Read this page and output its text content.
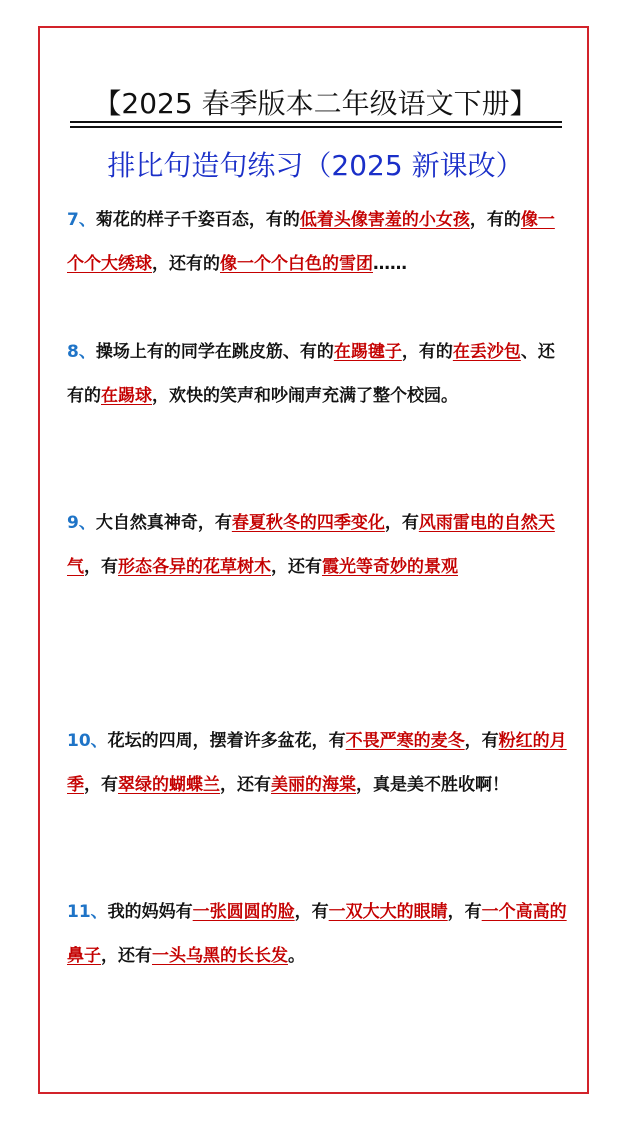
【2025 春季版本二年级语文下册】
排比句造句练习（2025 新课改）
7、菊花的样子千姿百态，有的低着头像害羞的小女孩，有的像一个个大绣球，还有的像一个个白色的雪团……
8、操场上有的同学在跳皮筋、有的在踢毽子，有的在丢沙包、还有的在踢球，欢快的笑声和吵闹声充满了整个校园。
9、大自然真神奇，有春夏秋冬的四季变化，有风雨雷电的自然天气，有形态各异的花草树木，还有霞光等奇妙的景观
10、花坛的四周，摆着许多盆花，有不畏严寒的麦冬，有粉红的月季，有翠绿的蝴蝶兰，还有美丽的海棠，真是美不胜收啊！
11、我的妈妈有一张圆圆的脸，有一双大大的眼睛，有一个高高的鼻子，还有一头乌黑的长长发。
